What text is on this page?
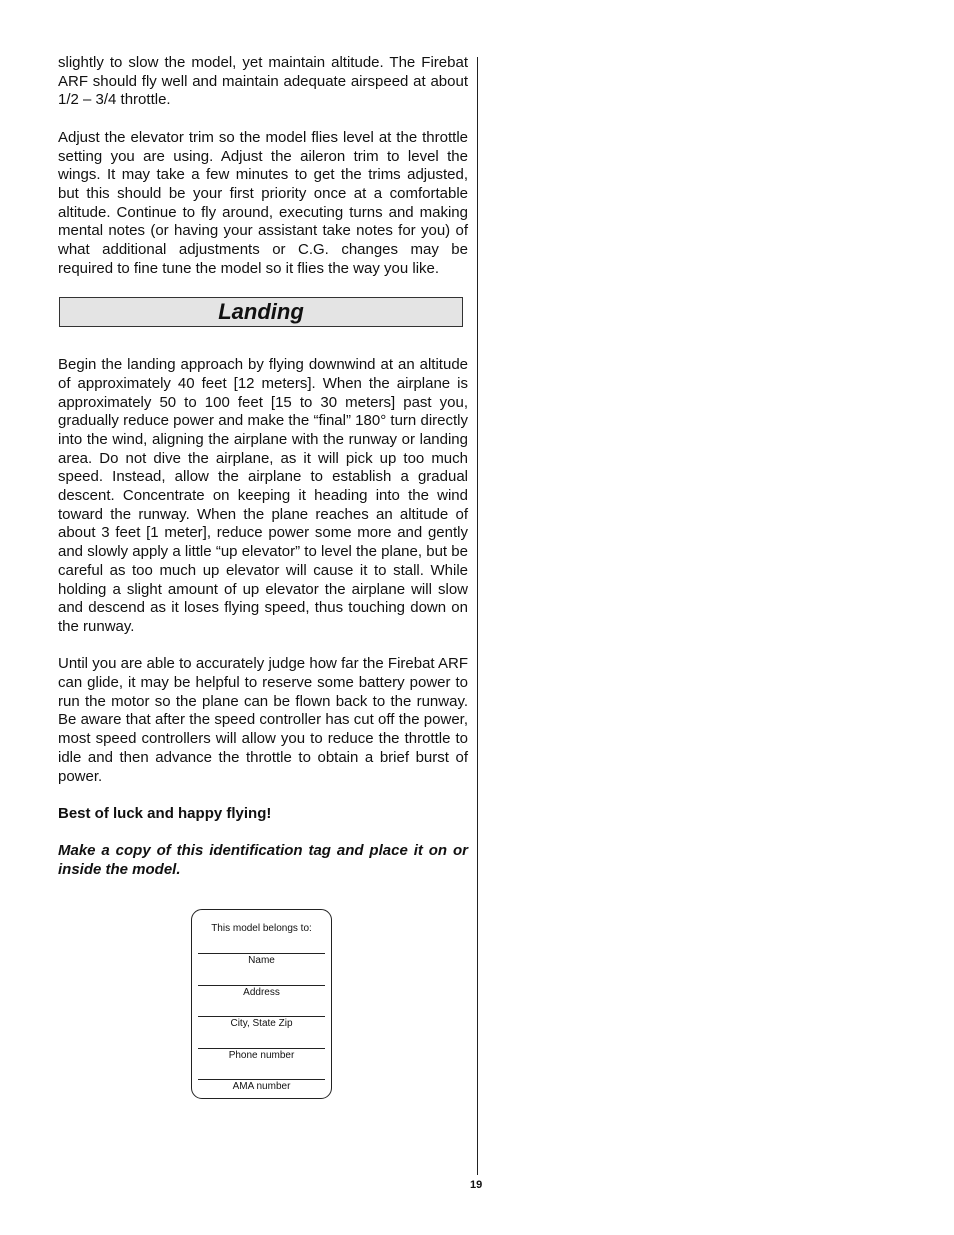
slightly to slow the model, yet maintain altitude. The Firebat ARF should fly well and maintain adequate airspeed at about 1/2 – 3/4 throttle.

Adjust the elevator trim so the model flies level at the throttle setting you are using. Adjust the aileron trim to level the wings. It may take a few minutes to get the trims adjusted, but this should be your first priority once at a comfortable altitude. Continue to fly around, executing turns and making mental notes (or having your assistant take notes for you) of what additional adjustments or C.G. changes may be required to fine tune the model so it flies the way you like.

Landing

Begin the landing approach by flying downwind at an altitude of approximately 40 feet [12 meters]. When the airplane is approximately 50 to 100 feet [15 to 30 meters] past you, gradually reduce power and make the “final” 180° turn directly into the wind, aligning the airplane with the runway or landing area. Do not dive the airplane, as it will pick up too much speed. Instead, allow the airplane to establish a gradual descent. Concentrate on keeping it heading into the wind toward the runway. When the plane reaches an altitude of about 3 feet [1 meter], reduce power some more and gently and slowly apply a little “up elevator” to level the plane, but be careful as too much up elevator will cause it to stall. While holding a slight amount of up elevator the airplane will slow and descend as it loses flying speed, thus touching down on the runway.

Until you are able to accurately judge how far the Firebat ARF can glide, it may be helpful to reserve some battery power to run the motor so the plane can be flown back to the runway. Be aware that after the speed controller has cut off the power, most speed controllers will allow you to reduce the throttle to idle and then advance the throttle to obtain a brief burst of power.

Best of luck and happy flying!

Make a copy of this identification tag and place it on or inside the model.

This model belongs to:
Name
Address
City, State Zip
Phone number
AMA number
19
